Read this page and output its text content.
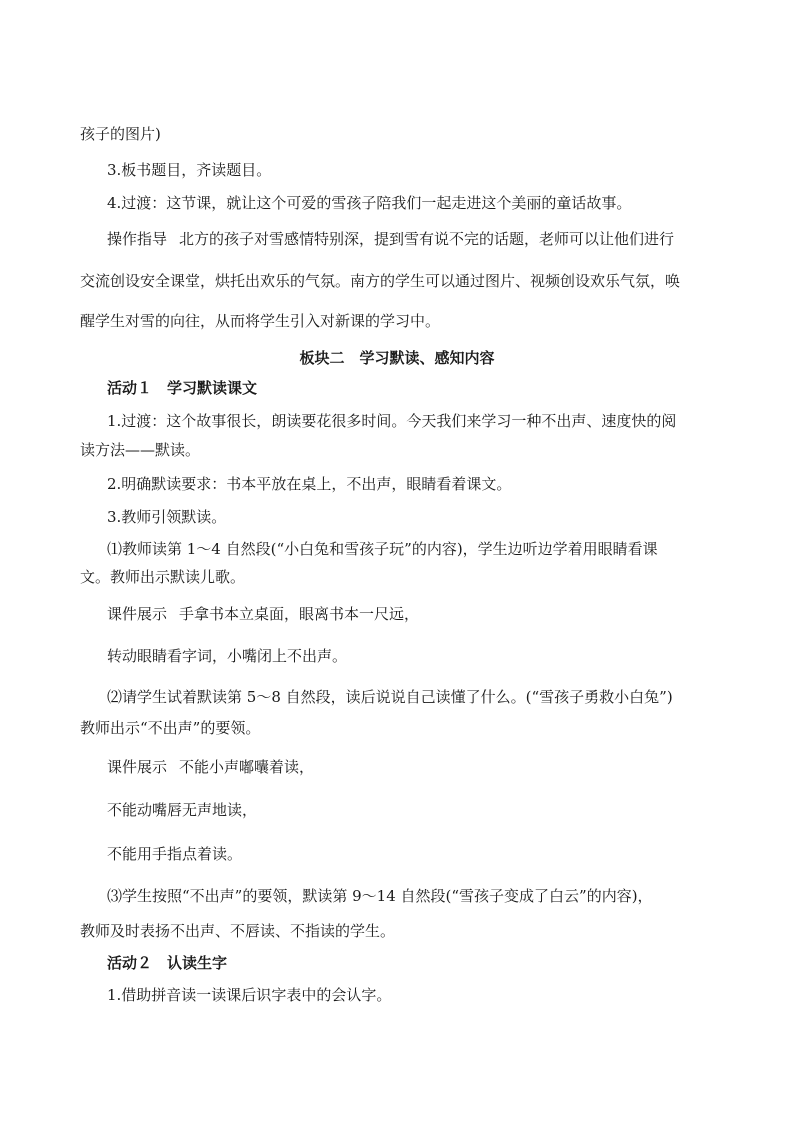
孩子的图片)
3.板书题目，齐读题目。
4.过渡：这节课，就让这个可爱的雪孩子陪我们一起走进这个美丽的童话故事。
操作指导 北方的孩子对雪感情特别深，提到雪有说不完的话题，老师可以让他们进行
交流创设安全课堂，烘托出欢乐的气氛。南方的学生可以通过图片、视频创设欢乐气氛，唤
醒学生对雪的向往，从而将学生引入对新课的学习中。
板块二　学习默读、感知内容
活动１　学习默读课文
1.过渡：这个故事很长，朗读要花很多时间。今天我们来学习一种不出声、速度快的阅
读方法——默读。
2.明确默读要求：书本平放在桌上，不出声，眼睛看着课文。
3.教师引领默读。
⑴教师读第 1～4 自然段(“小白兔和雪孩子玩”的内容)，学生边听边学着用眼睛看课
文。教师出示默读儿歌。
课件展示 手拿书本立桌面，眼离书本一尺远，
转动眼睛看字词，小嘴闭上不出声。
⑵请学生试着默读第 5～8 自然段，读后说说自己读懂了什么。(“雪孩子勇救小白兔”)
教师出示“不出声”的要领。
课件展示 不能小声嘟囔着读，
不能动嘴唇无声地读，
不能用手指点着读。
⑶学生按照“不出声”的要领，默读第 9～14 自然段(“雪孩子变成了白云”的内容)，
教师及时表扬不出声、不唇读、不指读的学生。
活动２　认读生字
1.借助拼音读一读课后识字表中的会认字。
